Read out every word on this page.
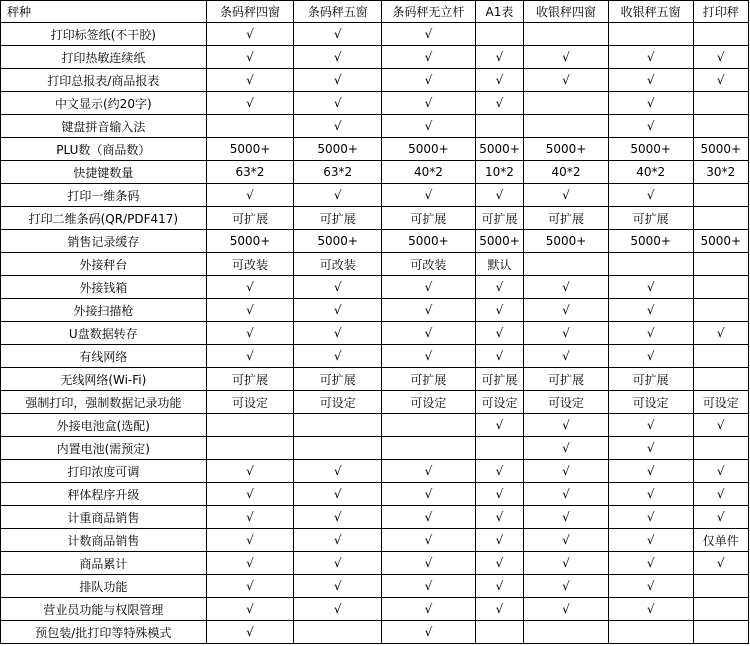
秤种	条码秤四窗	条码秤五窗	条码秤无立杆	A1表	收银秤四窗	收银秤五窗	打印秤
打印标签纸(不干胶)	√	√	√				
打印热敏连续纸	√	√	√	√	√	√	√
打印总报表/商品报表	√	√	√	√	√	√	√
中文显示(约20字)	√	√	√	√		√	
键盘拼音输入法		√	√			√	
PLU数（商品数）	5000+	5000+	5000+	5000+	5000+	5000+	5000+
快捷键数量	63*2	63*2	40*2	10*2	40*2	40*2	30*2
打印一维条码	√	√	√	√	√	√	
打印二维条码(QR/PDF417)	可扩展	可扩展	可扩展	可扩展	可扩展	可扩展	
销售记录缓存	5000+	5000+	5000+	5000+	5000+	5000+	5000+
外接秤台	可改装	可改装	可改装	默认			
外接钱箱	√	√	√	√	√	√	
外接扫描枪	√	√	√	√	√	√	
U盘数据转存	√	√	√	√	√	√	√
有线网络	√	√	√	√	√	√	
无线网络(Wi-Fi)	可扩展	可扩展	可扩展	可扩展	可扩展	可扩展	
强制打印，强制数据记录功能	可设定	可设定	可设定	可设定	可设定	可设定	可设定
外接电池盒(选配)				√	√	√	√
内置电池(需预定)					√	√	
打印浓度可调	√	√	√	√	√	√	√
秤体程序升级	√	√	√	√	√	√	√
计重商品销售	√	√	√	√	√	√	√
计数商品销售	√	√	√	√	√	√	仅单件
商品累计	√	√	√	√	√	√	√
排队功能	√	√	√	√	√	√	
营业员功能与权限管理	√	√	√	√	√	√	
预包装/批打印等特殊模式	√		√				
